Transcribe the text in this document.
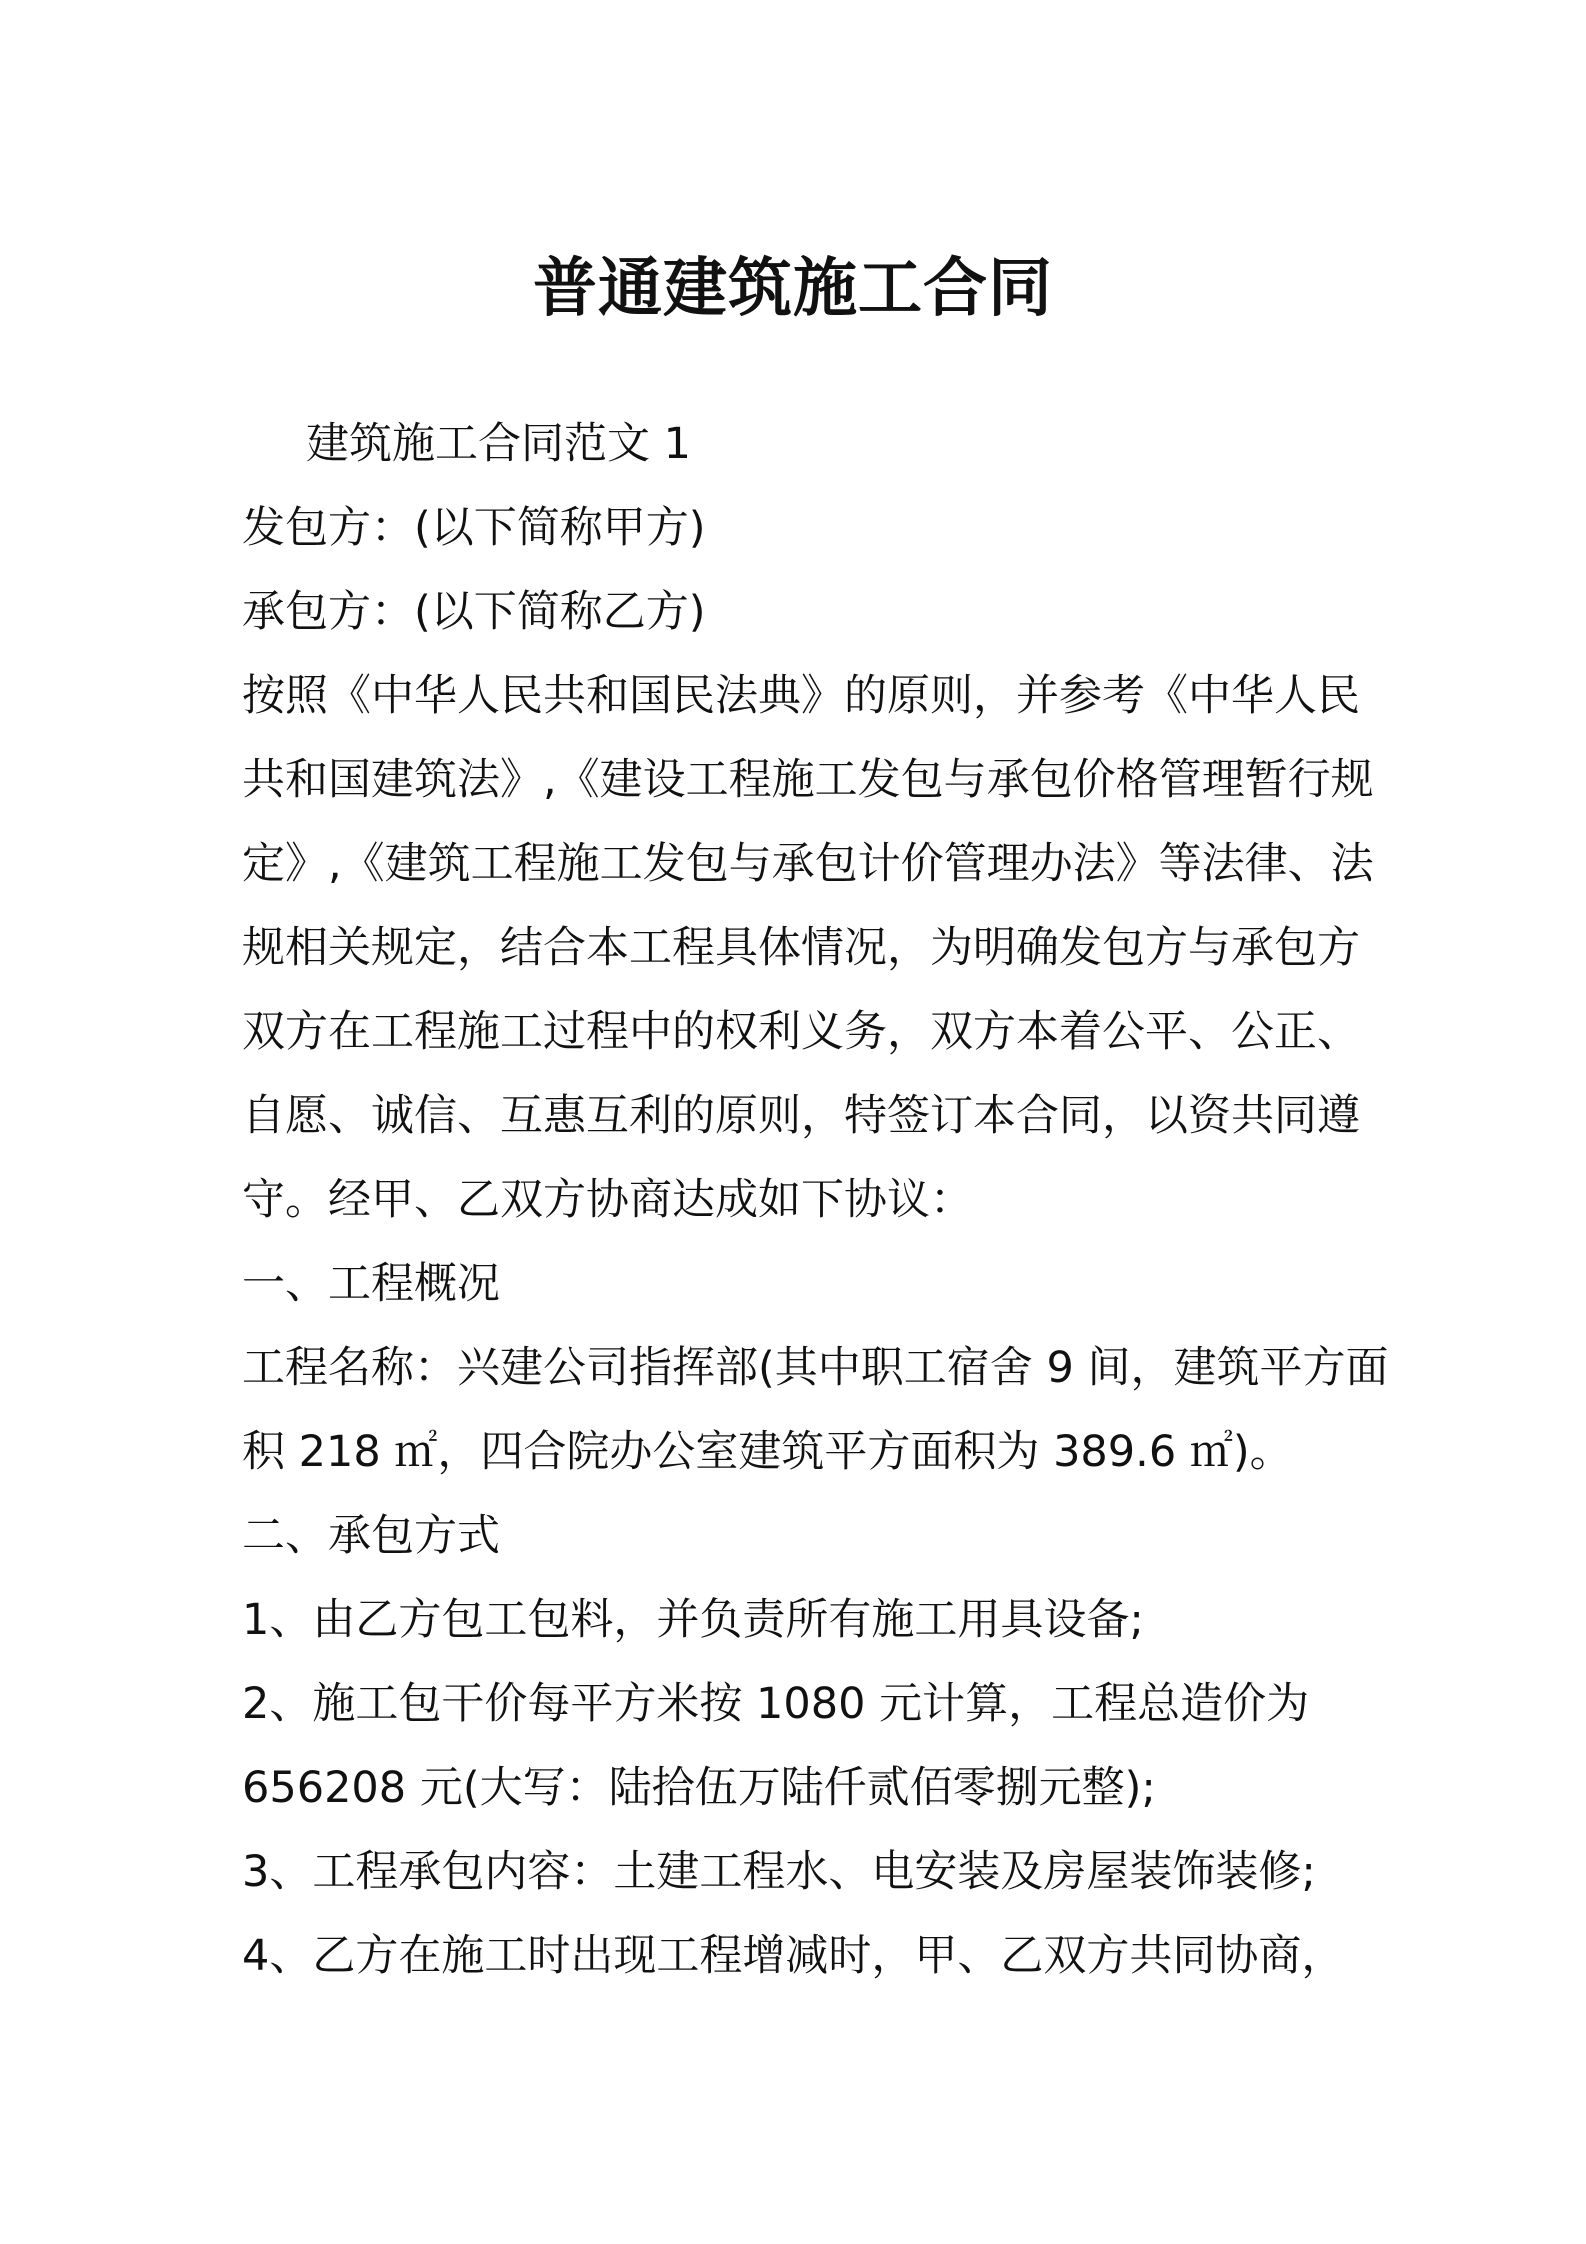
普通建筑施工合同
建筑施工合同范文 1
发包方：(以下简称甲方)
承包方：(以下简称乙方)
按照《中华人民共和国民法典》的原则，并参考《中华人民
共和国建筑法》,《建设工程施工发包与承包价格管理暂行规
定》,《建筑工程施工发包与承包计价管理办法》等法律、法
规相关规定，结合本工程具体情况，为明确发包方与承包方
双方在工程施工过程中的权利义务，双方本着公平、公正、
自愿、诚信、互惠互利的原则，特签订本合同，以资共同遵
守。经甲、乙双方协商达成如下协议：
一、工程概况
工程名称：兴建公司指挥部(其中职工宿舍 9 间，建筑平方面
积 218 ㎡，四合院办公室建筑平方面积为 389.6 ㎡)。
二、承包方式
1、由乙方包工包料，并负责所有施工用具设备;
2、施工包干价每平方米按 1080 元计算，工程总造价为
656208 元(大写：陆拾伍万陆仟贰佰零捌元整);
3、工程承包内容：土建工程水、电安装及房屋装饰装修;
4、乙方在施工时出现工程增减时，甲、乙双方共同协商，
